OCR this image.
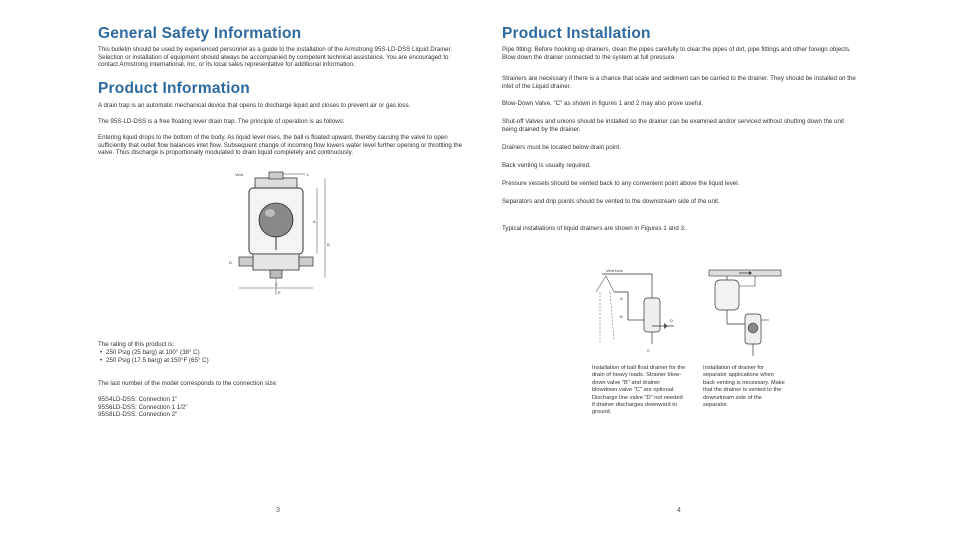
General Safety Information

This bulletin should be used by experienced personnel as a guide to the installation of the Armstrong 95S-LD-DSS Liquid Drainer. Selection or installation of equipment should always be accompanied by competent technical assistance. You are encouraged to contact Armstrong International, Inc. or its local sales representative for additional information.

Product Information

A drain trap is an automatic mechanical device that opens to discharge liquid and closes to prevent air or gas loss.

The 95S-LD-DSS is a free floating lever drain trap. The principle of operation is as follows:

Entering liquid drops to the bottom of the body. As liquid level rises, the ball is floated upward, thereby causing the valve to open sufficiently that outlet flow balances inlet flow. Subsequent change of incoming flow lowers water level further opening or throttling the valve. Thus discharge is proportionally modulated to drain liquid completely and continuously.

Vent	L
A
B
C
D
E

The rating of this product is:

• 250 Psig (25 barg) at 100° (38° C)
• 250 Psig (17.5 barg) at 150°F (65° C)

The last number of the model corresponds to the connection size:

95S4LD-DSS: Connection 1"
95S6LD-DSS: Connection 1 1/2"
95S8LD-DSS: Connection 2"
3
Product Installation

Pipe fitting: Before hooking up drainers, clean the pipes carefully to clear the pipes of dirt, pipe fittings and other foreign objects. Blow down the drainer connected to the system at full pressure.

Strainers are necessary if there is a chance that scale and sediment can be carried to the drainer. They should be installed on the inlet of the Liquid drainer.

Blow-Down Valve, "C" as shown in figures 1 and 2 may also prove useful.

Shut-off Valves and unions should be installed so the drainer can be examined and/or serviced without shutting down the unit being drained by the drainer.

Drainers must be located below drain point.

Back venting is usually required.

Pressure vessels should be vented back to any convenient point above the liquid level.

Separators and drip points should be vented to the downstream side of the unit.

Typical installations of liquid drainers are shown in Figures 1 and 3.

Vent Line
A
B
D
C

Installation of ball float drainer for the drain of heavy loads. Strainer blow-down valve "B" and drainer blowdown valve "C" are optional. Discharge line valve "D" not needed if drainer discharges downward to ground.

Installation of drainer for separator applications when back venting is necessary. Make that the drainer is vented to the downstream side of the separator.

4
